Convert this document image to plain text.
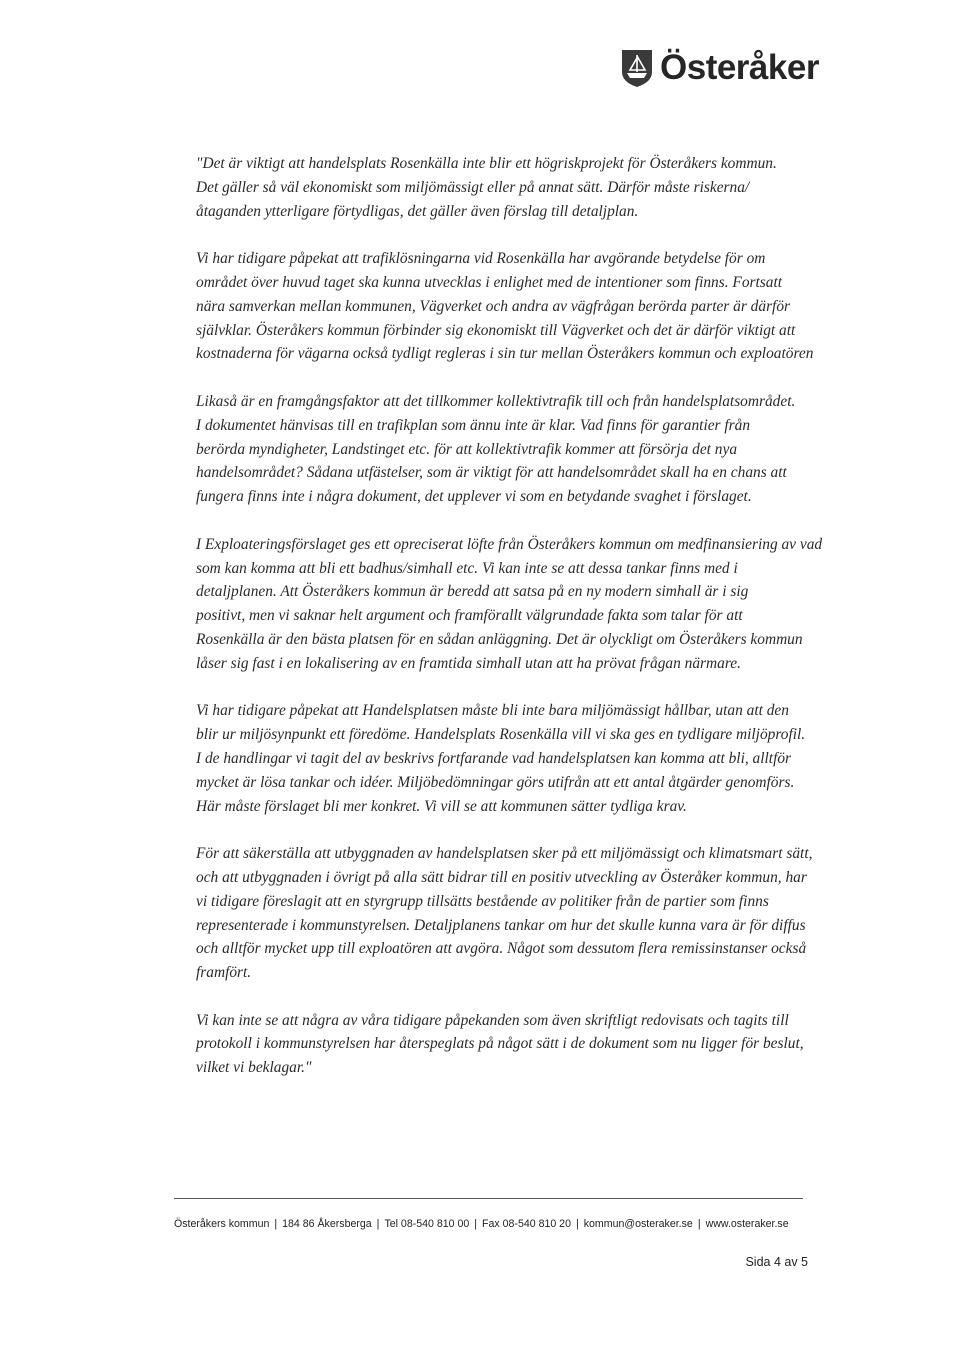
Österåker
"Det är viktigt att handelsplats Rosenkälla inte blir ett högriskprojekt för Österåkers kommun.
Det gäller så väl ekonomiskt som miljömässigt eller på annat sätt. Därför måste riskerna/
åtaganden ytterligare förtydligas, det gäller även förslag till detaljplan.
Vi har tidigare påpekat att trafiklösningarna vid Rosenkälla har avgörande betydelse för om
området över huvud taget ska kunna utvecklas i enlighet med de intentioner som finns. Fortsatt
nära samverkan mellan kommunen, Vägverket och andra av vägfrågan berörda parter är därför
självklar. Österåkers kommun förbinder sig ekonomiskt till Vägverket och det är därför viktigt att
kostnaderna för vägarna också tydligt regleras i sin tur mellan Österåkers kommun och exploatören
Likaså är en framgångsfaktor att det tillkommer kollektivtrafik till och från handelsplatsområdet.
I dokumentet hänvisas till en trafikplan som ännu inte är klar. Vad finns för garantier från
berörda myndigheter, Landstinget etc. för att kollektivtrafik kommer att försörja det nya
handelsområdet? Sådana utfästelser, som är viktigt för att handelsområdet skall ha en chans att
fungera finns inte i några dokument, det upplever vi som en betydande svaghet i förslaget.
I Exploateringsförslaget ges ett opreciserat löfte från Österåkers kommun om medfinansiering av vad
som kan komma att bli ett badhus/simhall etc. Vi kan inte se att dessa tankar finns med i
detaljplanen. Att Österåkers kommun är beredd att satsa på en ny modern simhall är i sig
positivt, men vi saknar helt argument och framförallt välgrundade fakta som talar för att
Rosenkälla är den bästa platsen för en sådan anläggning. Det är olyckligt om Österåkers kommun
låser sig fast i en lokalisering av en framtida simhall utan att ha prövat frågan närmare.
Vi har tidigare påpekat att Handelsplatsen måste bli inte bara miljömässigt hållbar, utan att den
blir ur miljösynpunkt ett föredöme. Handelsplats Rosenkälla vill vi ska ges en tydligare miljöprofil.
I de handlingar vi tagit del av beskrivs fortfarande vad handelsplatsen kan komma att bli, alltför
mycket är lösa tankar och idéer. Miljöbedömningar görs utifrån att ett antal åtgärder genomförs.
Här måste förslaget bli mer konkret. Vi vill se att kommunen sätter tydliga krav.
För att säkerställa att utbyggnaden av handelsplatsen sker på ett miljömässigt och klimatsmart sätt,
och att utbyggnaden i övrigt på alla sätt bidrar till en positiv utveckling av Österåker kommun, har
vi tidigare föreslagit att en styrgrupp tillsätts bestående av politiker från de partier som finns
representerade i kommunstyrelsen. Detaljplanens tankar om hur det skulle kunna vara är för diffus
och alltför mycket upp till exploatören att avgöra. Något som dessutom flera remissinstanser också
framfört.
Vi kan inte se att några av våra tidigare påpekanden som även skriftligt redovisats och tagits till
protokoll i kommunstyrelsen har återspeglats på något sätt i de dokument som nu ligger för beslut,
vilket vi beklagar."
Österåkers kommun | 184 86 Åkersberga | Tel 08-540 810 00 | Fax 08-540 810 20 | kommun@osteraker.se | www.osteraker.se
Sida 4 av 5
